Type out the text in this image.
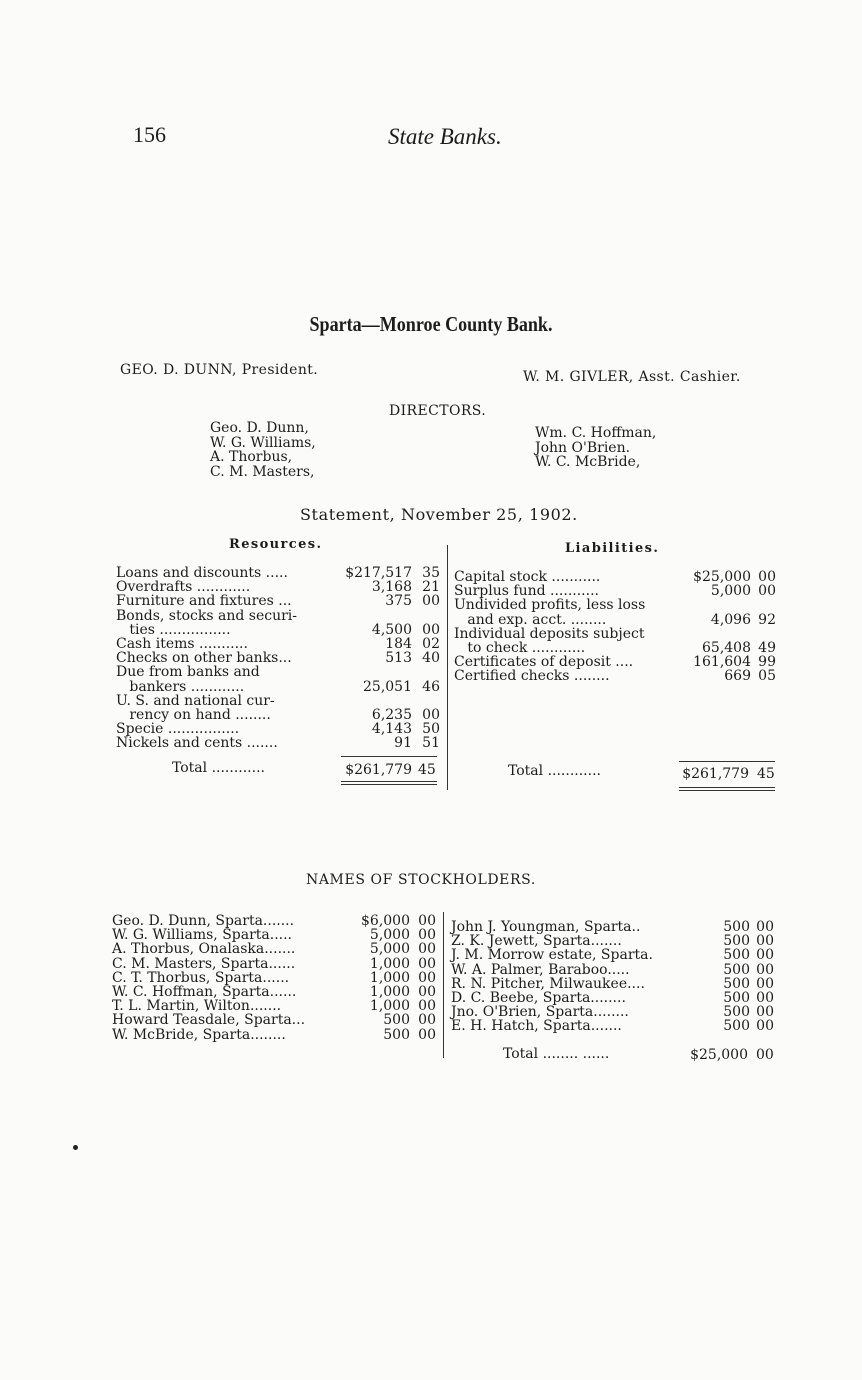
156	State Banks.
Sparta—Monroe County Bank.
GEO. D. DUNN, President.	W. M. GIVLER, Asst. Cashier.
DIRECTORS.
Geo. D. Dunn,
W. G. Williams,
A. Thorbus,
C. M. Masters,
Wm. C. Hoffman,
John O'Brien.
W. C. McBride,
Statement, November 25, 1902.
Resources.	Liabilities.
Loans and discounts .....	$217,517	35
Overdrafts ............	3,168	21
Furniture and fixtures ...	375	00
Bonds, stocks and securi-		
ties ................	4,500	00
Cash items ...........	184	02
Checks on other banks...	513	40
Due from banks and		
bankers ............	25,051	46
U. S. and national cur-		
rency on hand ........	6,235	00
Specie ................	4,143	50
Nickels and cents .......	91	51
Total ............	$261,779 45
Capital stock ...........	$25,000	00
Surplus fund ...........	5,000	00
Undivided profits, less loss		
and exp. acct. ........	4,096	92
Individual deposits subject		
to check ............	65,408	49
Certificates of deposit ....	161,604	99
Certified checks ........	669	05
Total ............	$261,779 45
NAMES OF STOCKHOLDERS.
Geo. D. Dunn, Sparta.......	$6,000	00
W. G. Williams, Sparta.....	5,000	00
A. Thorbus, Onalaska.......	5,000	00
C. M. Masters, Sparta......	1,000	00
C. T. Thorbus, Sparta......	1,000	00
W. C. Hoffman, Sparta......	1,000	00
T. L. Martin, Wilton.......	1,000	00
Howard Teasdale, Sparta...	500	00
W. McBride, Sparta........	500	00
John J. Youngman, Sparta..	500	00
Z. K. Jewett, Sparta.......	500	00
J. M. Morrow estate, Sparta.	500	00
W. A. Palmer, Baraboo.....	500	00
R. N. Pitcher, Milwaukee....	500	00
D. C. Beebe, Sparta........	500	00
Jno. O'Brien, Sparta........	500	00
E. H. Hatch, Sparta.......	500	00
Total ........ ......	$25,000 00
